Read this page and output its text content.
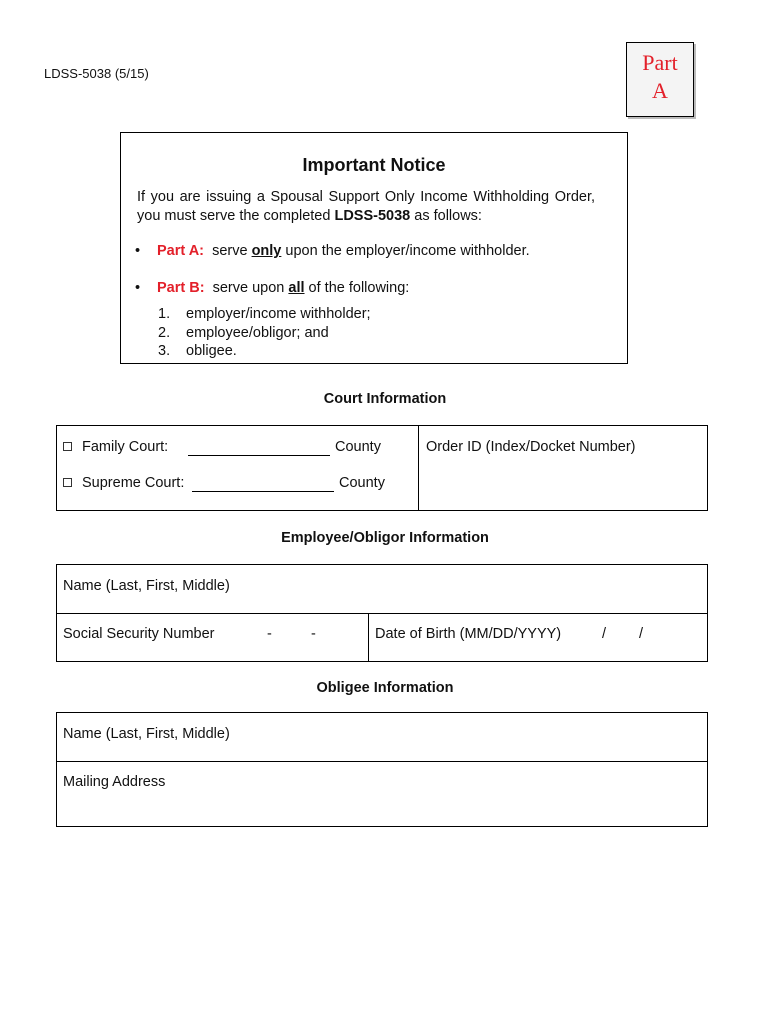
LDSS-5038 (5/15)	Part
A
Important Notice
If you are issuing a Spousal Support Only Income Withholding Order, you must serve the completed LDSS-5038 as follows:
• Part A: serve only upon the employer/income withholder.
• Part B: serve upon all of the following:
1. employer/income withholder;
2. employee/obligor; and
3. obligee.
Court Information
Family Court:	County
Supreme Court:	County
Order ID (Index/Docket Number)
Employee/Obligor Information
Name (Last, First, Middle)
Social Security Number	-	-	Date of Birth (MM/DD/YYYY)	/ /
Obligee Information
Name (Last, First, Middle)
Mailing Address
